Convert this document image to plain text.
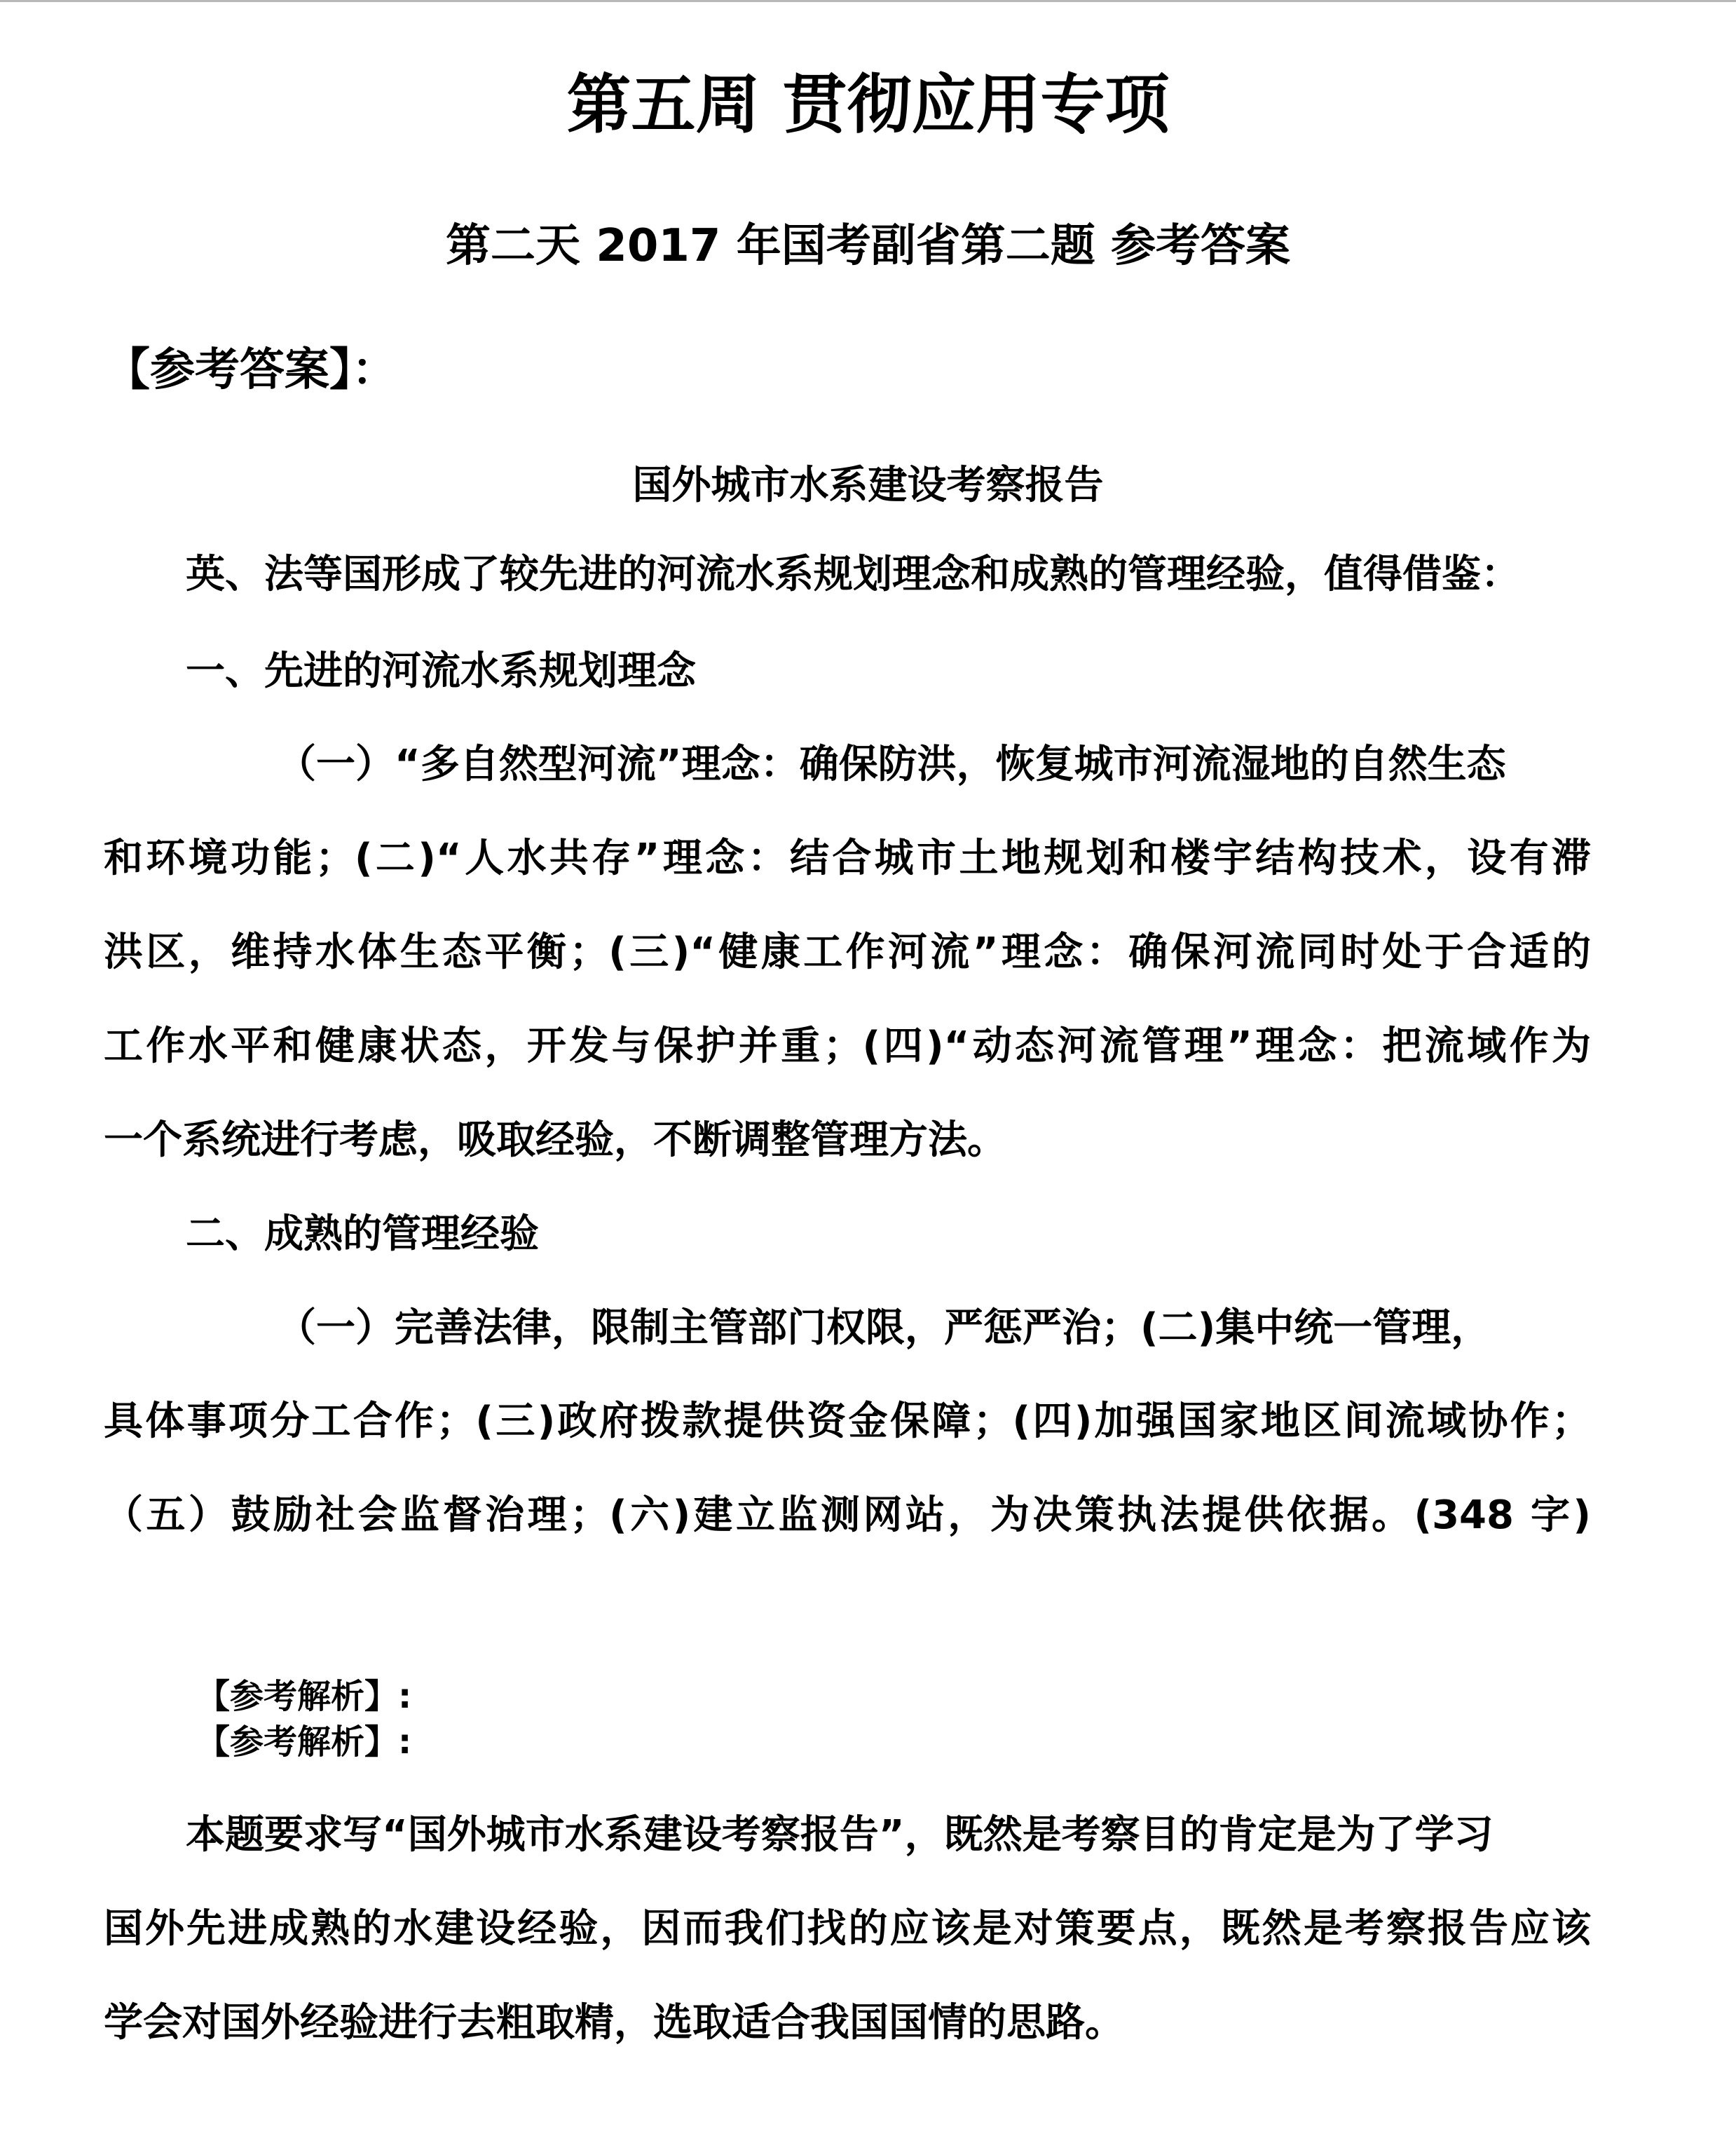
第五周 贯彻应用专项
第二天 2017 年国考副省第二题 参考答案
【参考答案】：
国外城市水系建设考察报告

英、法等国形成了较先进的河流水系规划理念和成熟的管理经验，值得借鉴：

一、先进的河流水系规划理念

（一）“多自然型河流”理念：确保防洪，恢复城市河流湿地的自然生态

和环境功能；(二)“人水共存”理念：结合城市土地规划和楼宇结构技术，设有滞

洪区，维持水体生态平衡；(三)“健康工作河流”理念：确保河流同时处于合适的

工作水平和健康状态，开发与保护并重；(四)“动态河流管理”理念：把流域作为

一个系统进行考虑，吸取经验，不断调整管理方法。

二、成熟的管理经验

（一）完善法律，限制主管部门权限，严惩严治；(二)集中统一管理，

具体事项分工合作；(三)政府拨款提供资金保障；(四)加强国家地区间流域协作；

（五）鼓励社会监督治理；(六)建立监测网站，为决策执法提供依据。(348 字)

【参考解析】:
【参考解析】:

本题要求写“国外城市水系建设考察报告”，既然是考察目的肯定是为了学习

国外先进成熟的水建设经验，因而我们找的应该是对策要点，既然是考察报告应该

学会对国外经验进行去粗取精，选取适合我国国情的思路。
